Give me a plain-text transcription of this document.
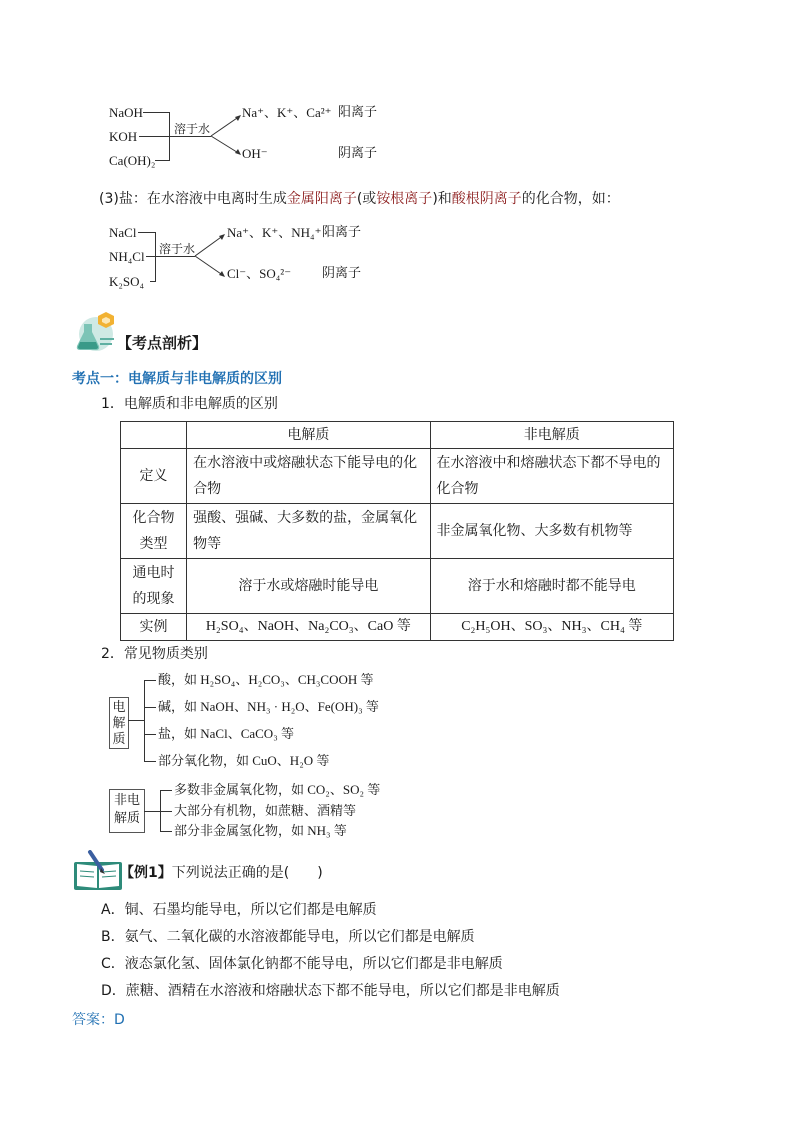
NaOH
KOH
Ca(OH)₂
溶于水
Na⁺、K⁺、Ca²⁺ 阳离子
OH⁻	阴离子
(3)盐：在水溶液中电离时生成金属阳离子(或铵根离子)和酸根阴离子的化合物，如：
NaCl
NH₄Cl
K₂SO₄
溶于水
Na⁺、K⁺、NH₄⁺ 阳离子
Cl⁻、SO₄²⁻ 阴离子
【考点剖析】
考点一：电解质与非电解质的区别
1．电解质和非电解质的区别
	电解质	非电解质
定义	在水溶液中或熔融状态下能导电的化合物	在水溶液中和熔融状态下都不导电的化合物
化合物类型	强酸、强碱、大多数的盐，金属氧化物等	非金属氧化物、大多数有机物等
通电时的现象	溶于水或熔融时能导电	溶于水和熔融时都不能导电
实例	H₂SO₄、NaOH、Na₂CO₃、CaO 等	C₂H₅OH、SO₃、NH₃、CH₄ 等
2．常见物质类别
电解质
酸，如 H₂SO₄、H₂CO₃、CH₃COOH 等
碱，如 NaOH、NH₃ · H₂O、Fe(OH)₃ 等
盐，如 NaCl、CaCO₃ 等
部分氧化物，如 CuO、H₂O 等
非电解质
多数非金属氧化物，如 CO₂、SO₂ 等
大部分有机物，如蔗糖、酒精等
部分非金属氢化物，如 NH₃ 等
【例1】下列说法正确的是(　　)
A．铜、石墨均能导电，所以它们都是电解质
B．氨气、二氧化碳的水溶液都能导电，所以它们都是电解质
C．液态氯化氢、固体氯化钠都不能导电，所以它们都是非电解质
D．蔗糖、酒精在水溶液和熔融状态下都不能导电，所以它们都是非电解质
答案：D
